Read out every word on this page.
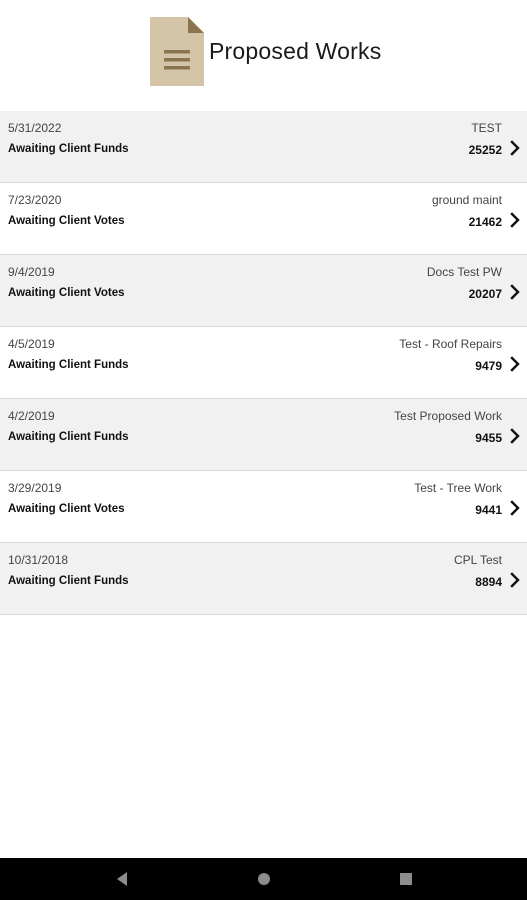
Proposed Works
5/31/2022
Awaiting Client Funds
TEST
25252
7/23/2020
Awaiting Client Votes
ground maint
21462
9/4/2019
Awaiting Client Votes
Docs Test PW
20207
4/5/2019
Awaiting Client Funds
Test - Roof Repairs
9479
4/2/2019
Awaiting Client Funds
Test Proposed Work
9455
3/29/2019
Awaiting Client Votes
Test - Tree Work
9441
10/31/2018
Awaiting Client Funds
CPL Test
8894
